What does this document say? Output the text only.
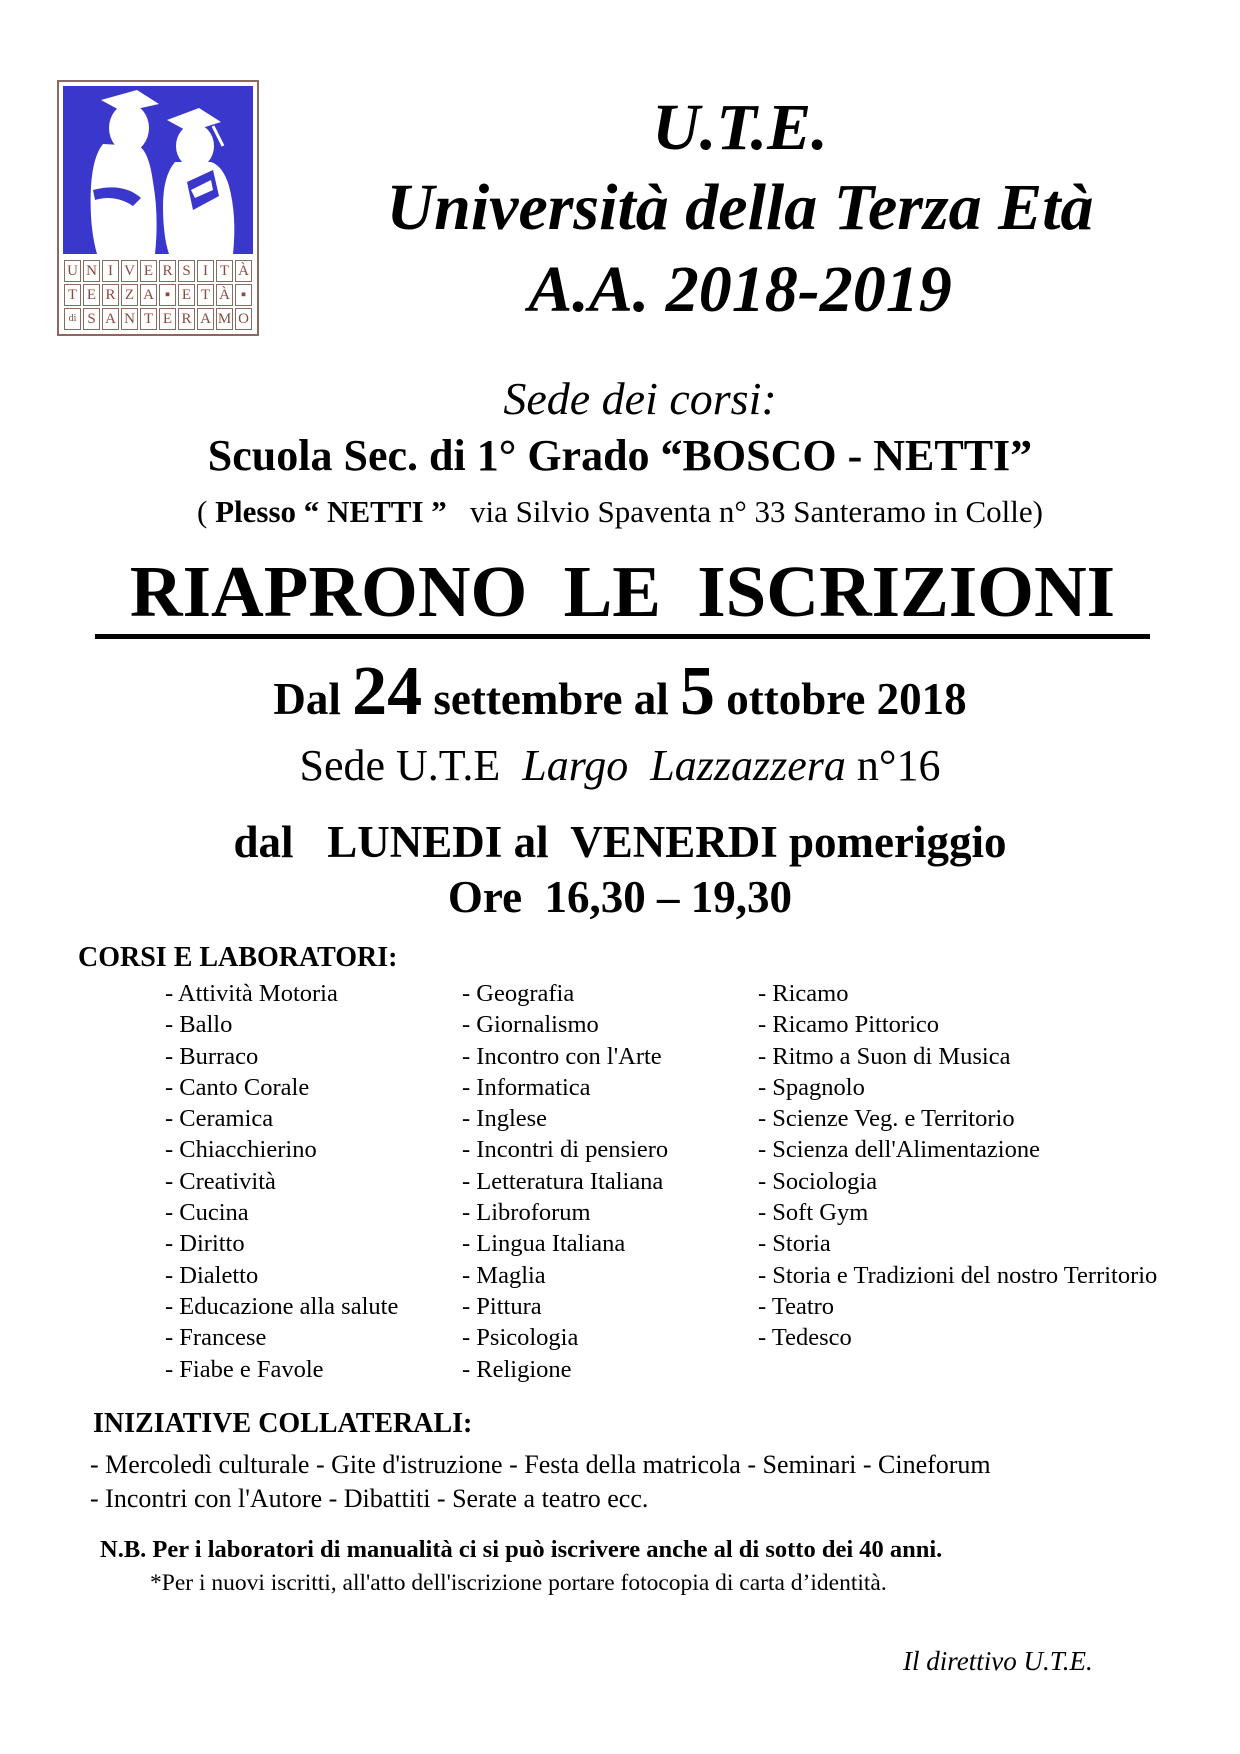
U N I V E R S I T À
T E R Z A ▪ E T À ▪
di S A N T E R A M O
U.T.E.
Università della Terza Età
A.A. 2018-2019
Sede dei corsi:
Scuola Sec. di 1° Grado “BOSCO - NETTI”
( Plesso “ NETTI ”   via Silvio Spaventa n° 33 Santeramo in Colle)
RIAPRONO LE ISCRIZIONI
Dal 24 settembre al 5 ottobre 2018
Sede U.T.E  Largo  Lazzazzera n°16
dal   LUNEDI al  VENERDI pomeriggio
Ore  16,30 – 19,30
CORSI E LABORATORI:
- Attività Motoria
- Ballo
- Burraco
- Canto Corale
- Ceramica
- Chiacchierino
- Creatività
- Cucina
- Diritto
- Dialetto
- Educazione alla salute
- Francese
- Fiabe e Favole
- Geografia
- Giornalismo
- Incontro con l'Arte
- Informatica
- Inglese
- Incontri di pensiero
- Letteratura Italiana
- Libroforum
- Lingua Italiana
- Maglia
- Pittura
- Psicologia
- Religione
- Ricamo
- Ricamo Pittorico
- Ritmo a Suon di Musica
- Spagnolo
- Scienze Veg. e Territorio
- Scienza dell'Alimentazione
- Sociologia
- Soft Gym
- Storia
- Storia e Tradizioni del nostro Territorio
- Teatro
- Tedesco
INIZIATIVE COLLATERALI:
- Mercoledì culturale - Gite d'istruzione - Festa della matricola - Seminari - Cineforum
- Incontri con l'Autore - Dibattiti - Serate a teatro ecc.
N.B. Per i laboratori di manualità ci si può iscrivere anche al di sotto dei 40 anni.
*Per i nuovi iscritti, all'atto dell'iscrizione portare fotocopia di carta d’identità.
Il direttivo U.T.E.
